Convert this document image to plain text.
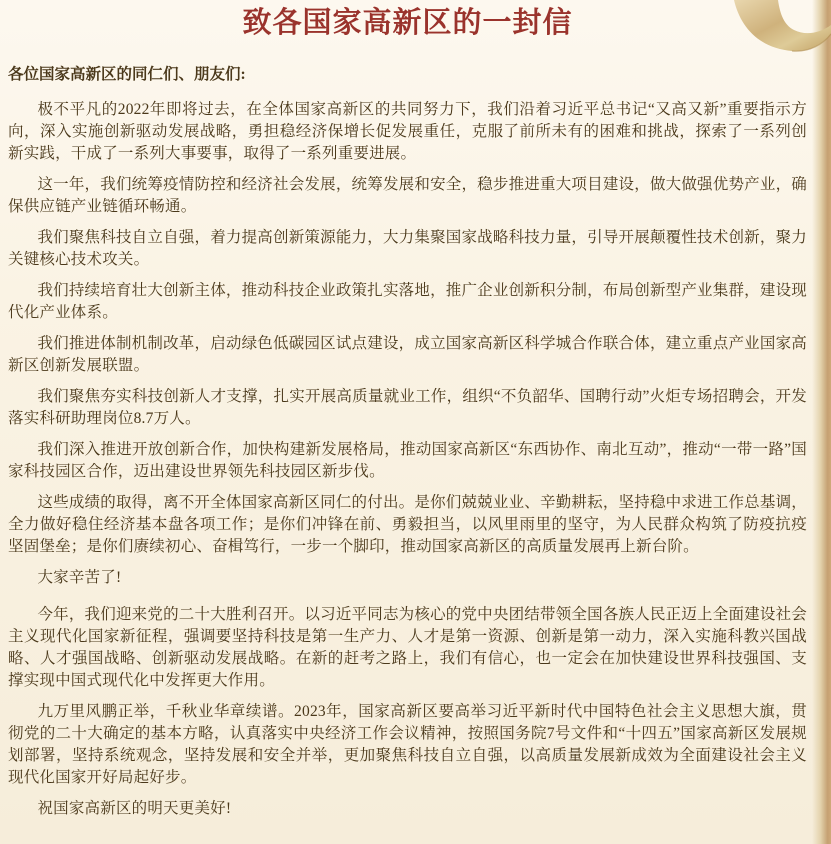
致各国家高新区的一封信

各位国家高新区的同仁们、朋友们:

极不平凡的2022年即将过去，在全体国家高新区的共同努力下，我们沿着习近平总书记“又高又新”重要指示方向，深入实施创新驱动发展战略，勇担稳经济保增长促发展重任，克服了前所未有的困难和挑战，探索了一系列创新实践，干成了一系列大事要事，取得了一系列重要进展。

这一年，我们统筹疫情防控和经济社会发展，统筹发展和安全，稳步推进重大项目建设，做大做强优势产业，确保供应链产业链循环畅通。

我们聚焦科技自立自强，着力提高创新策源能力，大力集聚国家战略科技力量，引导开展颠覆性技术创新，聚力关键核心技术攻关。

我们持续培育壮大创新主体，推动科技企业政策扎实落地，推广企业创新积分制，布局创新型产业集群，建设现代化产业体系。

我们推进体制机制改革，启动绿色低碳园区试点建设，成立国家高新区科学城合作联合体，建立重点产业国家高新区创新发展联盟。

我们聚焦夯实科技创新人才支撑，扎实开展高质量就业工作，组织“不负韶华、国聘行动”火炬专场招聘会，开发落实科研助理岗位8.7万人。

我们深入推进开放创新合作，加快构建新发展格局，推动国家高新区“东西协作、南北互动”，推动“一带一路”国家科技园区合作，迈出建设世界领先科技园区新步伐。

这些成绩的取得，离不开全体国家高新区同仁的付出。是你们兢兢业业、辛勤耕耘，坚持稳中求进工作总基调，全力做好稳住经济基本盘各项工作；是你们冲锋在前、勇毅担当，以风里雨里的坚守，为人民群众构筑了防疫抗疫坚固堡垒；是你们赓续初心、奋楫笃行，一步一个脚印，推动国家高新区的高质量发展再上新台阶。

大家辛苦了!

今年，我们迎来党的二十大胜利召开。以习近平同志为核心的党中央团结带领全国各族人民正迈上全面建设社会主义现代化国家新征程，强调要坚持科技是第一生产力、人才是第一资源、创新是第一动力，深入实施科教兴国战略、人才强国战略、创新驱动发展战略。在新的赶考之路上，我们有信心，也一定会在加快建设世界科技强国、支撑实现中国式现代化中发挥更大作用。

九万里风鹏正举，千秋业华章续谱。2023年，国家高新区要高举习近平新时代中国特色社会主义思想大旗，贯彻党的二十大确定的基本方略，认真落实中央经济工作会议精神，按照国务院7号文件和“十四五”国家高新区发展规划部署，坚持系统观念，坚持发展和安全并举，更加聚焦科技自立自强，以高质量发展新成效为全面建设社会主义现代化国家开好局起好步。

祝国家高新区的明天更美好!
